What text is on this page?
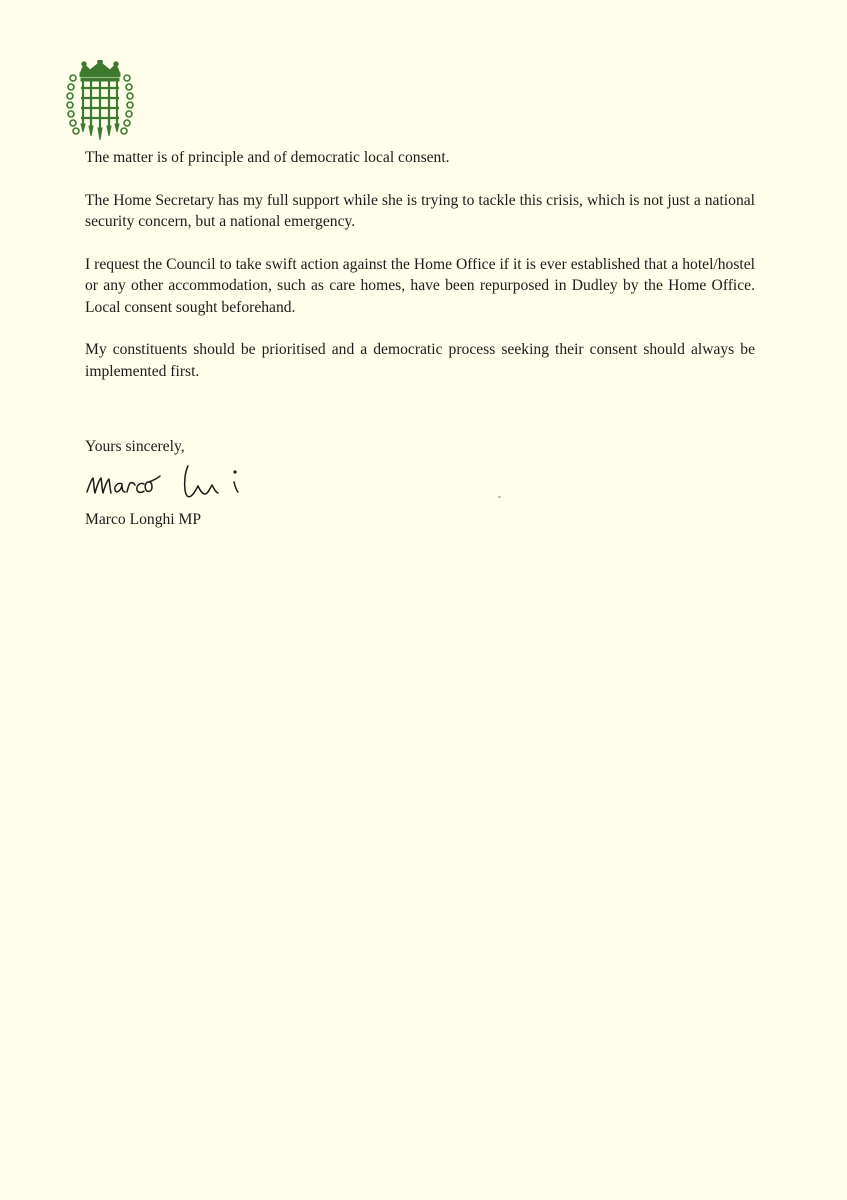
The matter is of principle and of democratic local consent.

The Home Secretary has my full support while she is trying to tackle this crisis, which is not just a national security concern, but a national emergency.

I request the Council to take swift action against the Home Office if it is ever established that a hotel/hostel or any other accommodation, such as care homes, have been repurposed in Dudley by the Home Office. Local consent sought beforehand.

My constituents should be prioritised and a democratic process seeking their consent should always be implemented first.

Yours sincerely,
Marco Longhi
Marco Longhi MP
